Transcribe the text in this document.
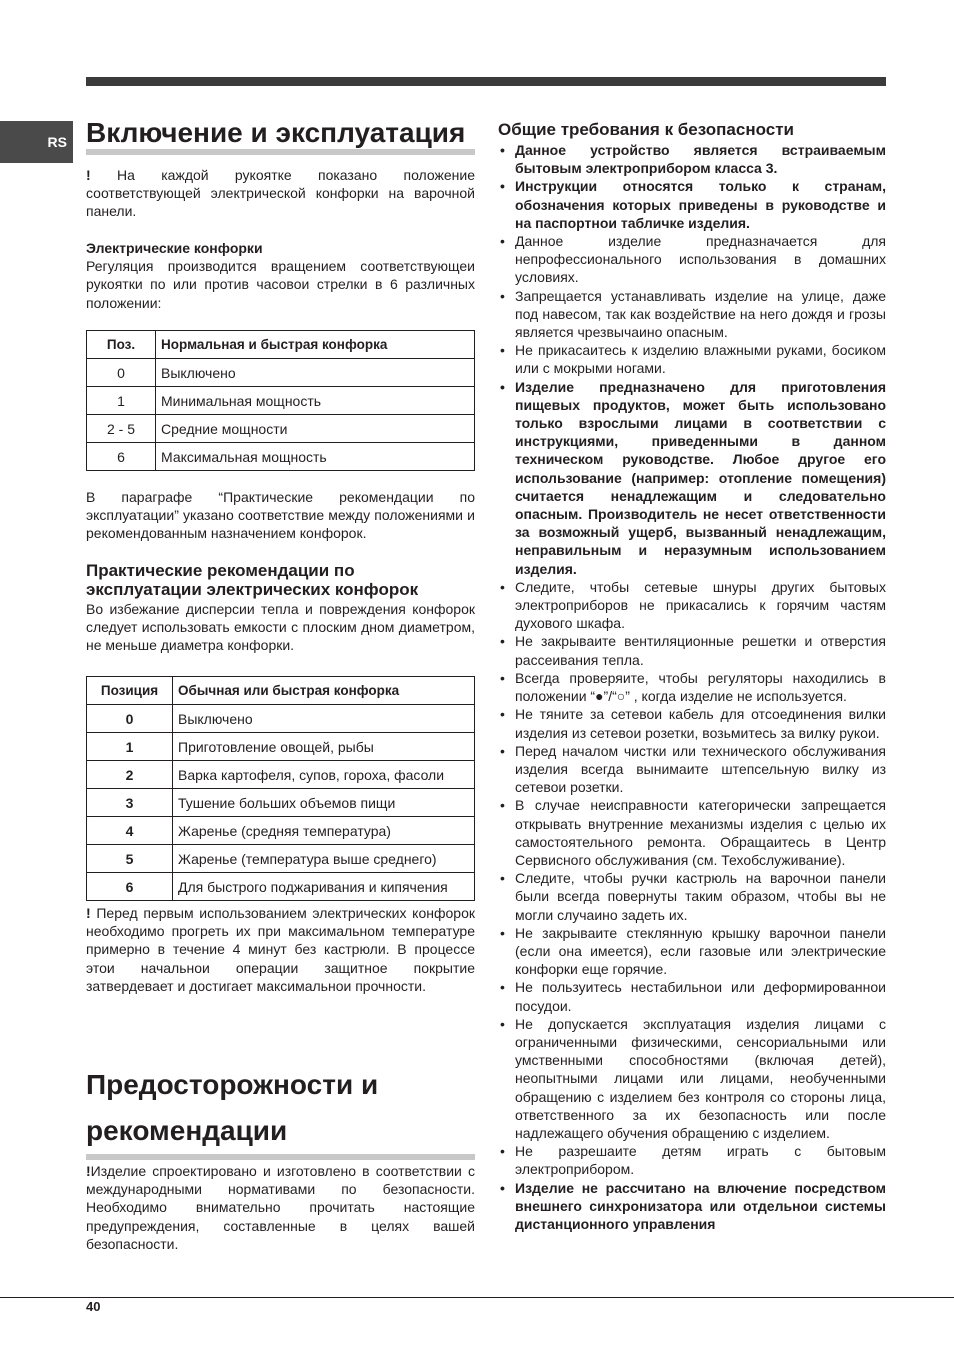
RS Включение и эксплуатация
! На каждой рукоятке показано положение соответствующей электрической конфорки на варочной панели.
Электрические конфорки
Регуляция производится вращением соответствующеи рукоятки по или против часовои стрелки в 6 различных положении:
Поз.	Нормальная и быстрая конфорка
0	Выключено
1	Минимальная мощность
2 - 5	Средние мощности
6	Максимальная мощность
В параграфе “Практические рекомендации по эксплуатации” указано соответствие между положениями и рекомендованным назначением конфорок.
Практические рекомендации по эксплуатации электрических конфорок
Во избежание дисперсии тепла и повреждения конфорок следует использовать емкости с плоским дном диаметром, не меньше диаметра конфорки.
Позиция	Обычная или быстрая конфорка
0	Выключено
1	Приготовление овощей, рыбы
2	Варка картофеля, супов, гороха, фасоли
3	Тушение больших объемов пищи
4	Жаренье (средняя температура)
5	Жаренье (температура выше среднего)
6	Для быстрого поджаривания и кипячения
! Перед первым использованием электрических конфорок необходимо прогреть их при максимальном температуре примерно в течение 4 минут без кастрюли. В процессе этои начальнои операции защитное покрытие затвердевает и достигает максимальнои прочности.
Предосторожности и
рекомендации
!Изделие спроектировано и изготовлено в соответствии с международными нормативами по безопасности. Необходимо внимательно прочитать настоящие предупреждения, составленные в целях вашей безопасности.
Общие требования к безопасности
• Данное устройство является встраиваемым бытовым электроприбором класса 3.
• Инструкции относятся только к странам, обозначения которых приведены в руководстве и на паспортнои табличке изделия.
• Данное изделие предназначается для непрофессионального использования в домашних условиях.
• Запрещается устанавливать изделие на улице, даже под навесом, так как воздействие на него дождя и грозы является чрезвычаино опасным.
• Не прикасаитесь к изделию влажными руками, босиком или с мокрыми ногами.
• Изделие предназначено для приготовления пищевых продуктов, может быть использовано только взрослыми лицами в соответствии с инструкциями, приведенными в данном техническом руководстве. Любое другое его использование (например: отопление помещения) считается ненадлежащим и следовательно опасным. Производитель не несет ответственности за возможный ущерб, вызванный ненадлежащим, неправильным и неразумным использованием изделия.
• Следите, чтобы сетевые шнуры других бытовых электроприборов не прикасались к горячим частям духового шкафа.
• Не закрываите вентиляционные решетки и отверстия рассеивания тепла.
• Всегда проверяите, чтобы регуляторы находились в положении “●”/“○” , когда изделие не используется.
• Не тяните за сетевои кабель для отсоединения вилки изделия из сетевои розетки, возьмитесь за вилку рукои.
• Перед началом чистки или технического обслуживания изделия всегда вынимаите штепсельную вилку из сетевои розетки.
• В случае неисправности категорически запрещается открывать внутренние механизмы изделия с целью их самостоятельного ремонта. Обращаитесь в Центр Сервисного обслуживания (см. Техобслуживание).
• Следите, чтобы ручки кастрюль на варочнои панели были всегда повернуты таким образом, чтобы вы не могли случаино задеть их.
• Не закрываите стеклянную крышку варочнои панели (если она имеется), если газовые или электрические конфорки еще горячие.
• Не пользуитесь нестабильнои или деформированнои посудои.
• Не допускается эксплуатация изделия лицами с ограниченными физическими, сенсориальными или умственными способностями (включая детей), неопытными лицами или лицами, необученными обращению с изделием без контроля со стороны лица, ответственного за их безопасность или после надлежащего обучения обращению с изделием.
• Не разрешаите детям играть с бытовым электроприбором.
• Изделие не рассчитано на влючение посредством внешнего синхронизатора или отдельнои системы дистанционного управления
40
